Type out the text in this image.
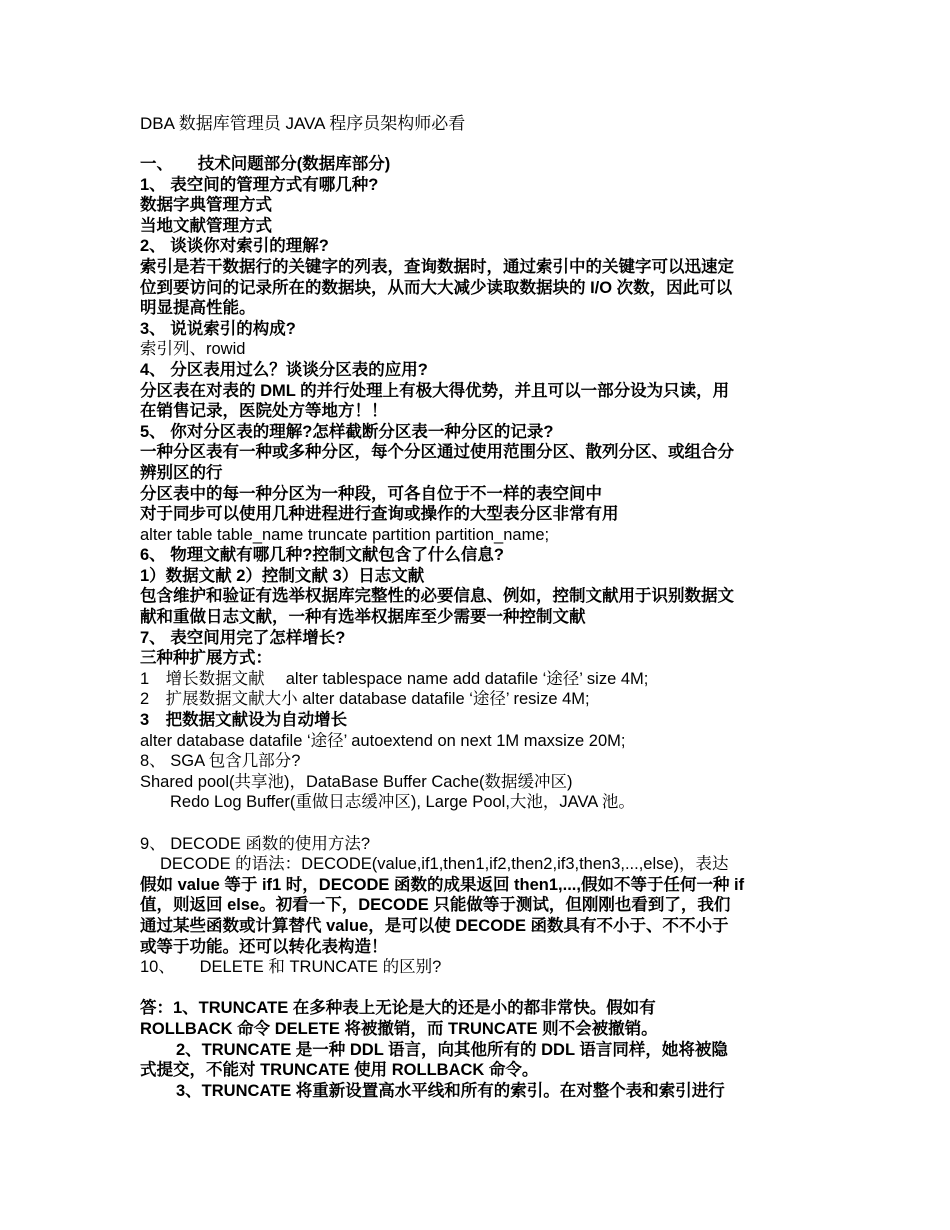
DBA 数据库管理员 JAVA 程序员架构师必看
一、　　技术问题部分(数据库部分)
1、 表空间的管理方式有哪几种?
数据字典管理方式
当地文献管理方式
2、 谈谈你对索引的理解?
索引是若干数据行的关键字的列表，查询数据时，通过索引中的关键字可以迅速定
位到要访问的记录所在的数据块，从而大大减少读取数据块的 I/O 次数，因此可以
明显提高性能。
3、 说说索引的构成?
索引列、rowid
4、 分区表用过么？谈谈分区表的应用?
分区表在对表的 DML 的并行处理上有极大得优势，并且可以一部分设为只读，用
在销售记录，医院处方等地方！！
5、 你对分区表的理解?怎样截断分区表一种分区的记录?
一种分区表有一种或多种分区，每个分区通过使用范围分区、散列分区、或组合分
辨别区的行
分区表中的每一种分区为一种段，可各自位于不一样的表空间中
对于同步可以使用几种进程进行查询或操作的大型表分区非常有用
alter table table_name truncate partition partition_name;
6、 物理文献有哪几种?控制文献包含了什么信息?
1）数据文献 2）控制文献 3）日志文献
包含维护和验证有选举权据库完整性的必要信息、例如，控制文献用于识别数据文
献和重做日志文献，一种有选举权据库至少需要一种控制文献
7、 表空间用完了怎样增长?
三种种扩展方式：
1　增长数据文献　 alter tablespace name add datafile ‘途径’ size 4M;
2　扩展数据文献大小 alter database datafile ‘途径’ resize 4M;
3　把数据文献设为自动增长
alter database datafile ‘途径’ autoextend on next 1M maxsize 20M;
8、 SGA 包含几部分?
Shared pool(共享池)，DataBase Buffer Cache(数据缓冲区)
Redo Log Buffer(重做日志缓冲区), Large Pool,大池，JAVA 池。
9、 DECODE 函数的使用方法?
DECODE 的语法：DECODE(value,if1,then1,if2,then2,if3,then3,...,else)，表达
假如 value 等于 if1 时，DECODE 函数的成果返回 then1,...,假如不等于任何一种 if
值，则返回 else。初看一下，DECODE 只能做等于测试，但刚刚也看到了，我们
通过某些函数或计算替代 value，是可以使 DECODE 函数具有不小于、不不小于
或等于功能。还可以转化表构造！
10、　　DELETE 和 TRUNCATE 的区别?
答：1、TRUNCATE 在多种表上无论是大的还是小的都非常快。假如有
ROLLBACK 命令 DELETE 将被撤销，而 TRUNCATE 则不会被撤销。
2、TRUNCATE 是一种 DDL 语言，向其他所有的 DDL 语言同样，她将被隐
式提交，不能对 TRUNCATE 使用 ROLLBACK 命令。
3、TRUNCATE 将重新设置高水平线和所有的索引。在对整个表和索引进行
